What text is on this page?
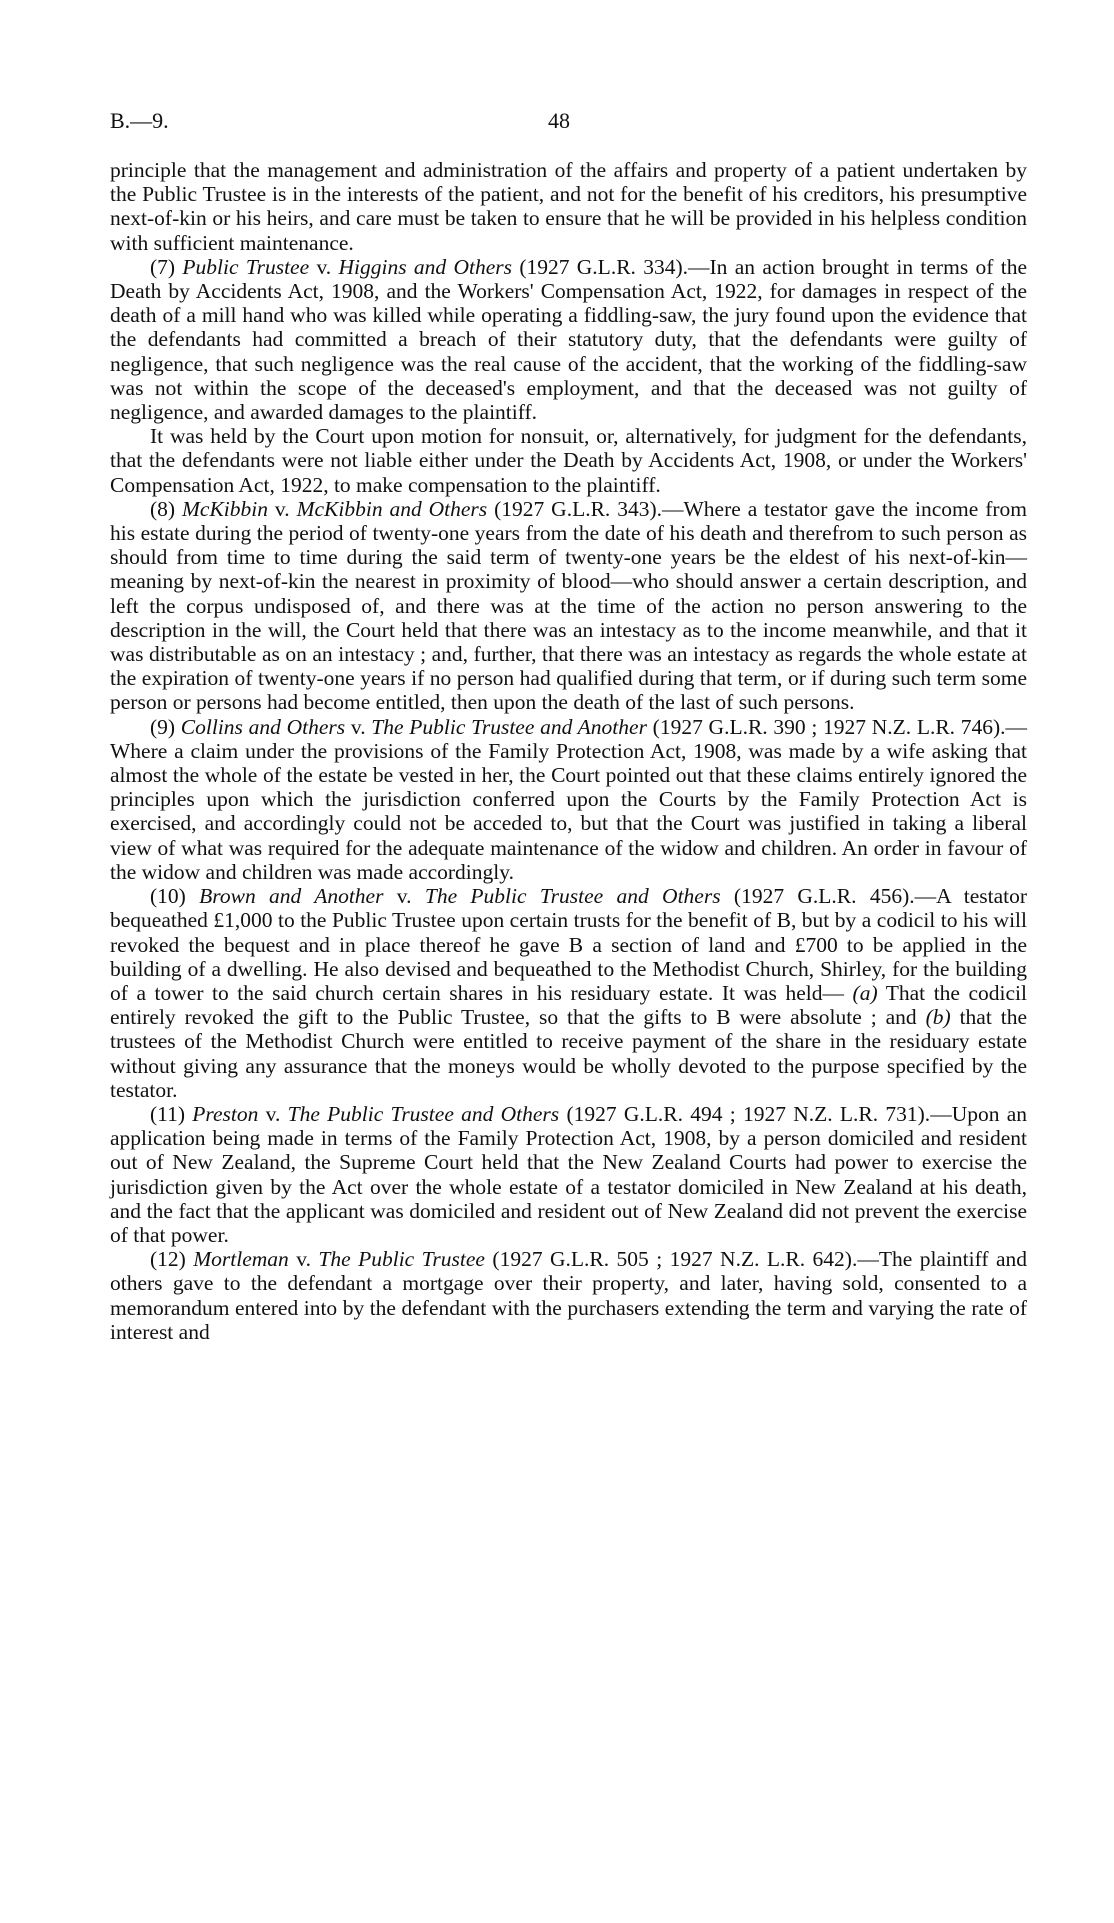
B.—9.	48

principle that the management and administration of the affairs and property of a patient undertaken by the Public Trustee is in the interests of the patient, and not for the benefit of his creditors, his presumptive next-of-kin or his heirs, and care must be taken to ensure that he will be provided in his helpless condition with sufficient maintenance.

(7) Public Trustee v. Higgins and Others (1927 G.L.R. 334).—In an action brought in terms of the Death by Accidents Act, 1908, and the Workers' Compensation Act, 1922, for damages in respect of the death of a mill hand who was killed while operating a fiddling-saw, the jury found upon the evidence that the defendants had committed a breach of their statutory duty, that the defendants were guilty of negligence, that such negligence was the real cause of the accident, that the working of the fiddling-saw was not within the scope of the deceased's employment, and that the deceased was not guilty of negligence, and awarded damages to the plaintiff.

It was held by the Court upon motion for nonsuit, or, alternatively, for judgment for the defendants, that the defendants were not liable either under the Death by Accidents Act, 1908, or under the Workers' Compensation Act, 1922, to make compensation to the plaintiff.

(8) McKibbin v. McKibbin and Others (1927 G.L.R. 343).—Where a testator gave the income from his estate during the period of twenty-one years from the date of his death and therefrom to such person as should from time to time during the said term of twenty-one years be the eldest of his next-of-kin—meaning by next-of-kin the nearest in proximity of blood—who should answer a certain description, and left the corpus undisposed of, and there was at the time of the action no person answering to the description in the will, the Court held that there was an intestacy as to the income meanwhile, and that it was distributable as on an intestacy ; and, further, that there was an intestacy as regards the whole estate at the expiration of twenty-one years if no person had qualified during that term, or if during such term some person or persons had become entitled, then upon the death of the last of such persons.

(9) Collins and Others v. The Public Trustee and Another (1927 G.L.R. 390 ; 1927 N.Z. L.R. 746).—Where a claim under the provisions of the Family Protection Act, 1908, was made by a wife asking that almost the whole of the estate be vested in her, the Court pointed out that these claims entirely ignored the principles upon which the jurisdiction conferred upon the Courts by the Family Protection Act is exercised, and accordingly could not be acceded to, but that the Court was justified in taking a liberal view of what was required for the adequate maintenance of the widow and children. An order in favour of the widow and children was made accordingly.

(10) Brown and Another v. The Public Trustee and Others (1927 G.L.R. 456).—A testator bequeathed £1,000 to the Public Trustee upon certain trusts for the benefit of B, but by a codicil to his will revoked the bequest and in place thereof he gave B a section of land and £700 to be applied in the building of a dwelling. He also devised and bequeathed to the Methodist Church, Shirley, for the building of a tower to the said church certain shares in his residuary estate. It was held— (a) That the codicil entirely revoked the gift to the Public Trustee, so that the gifts to B were absolute ; and (b) that the trustees of the Methodist Church were entitled to receive payment of the share in the residuary estate without giving any assurance that the moneys would be wholly devoted to the purpose specified by the testator.

(11) Preston v. The Public Trustee and Others (1927 G.L.R. 494 ; 1927 N.Z. L.R. 731).—Upon an application being made in terms of the Family Protection Act, 1908, by a person domiciled and resident out of New Zealand, the Supreme Court held that the New Zealand Courts had power to exercise the jurisdiction given by the Act over the whole estate of a testator domiciled in New Zealand at his death, and the fact that the applicant was domiciled and resident out of New Zealand did not prevent the exercise of that power.

(12) Mortleman v. The Public Trustee (1927 G.L.R. 505 ; 1927 N.Z. L.R. 642).—The plaintiff and others gave to the defendant a mortgage over their property, and later, having sold, consented to a memorandum entered into by the defendant with the purchasers extending the term and varying the rate of interest and
